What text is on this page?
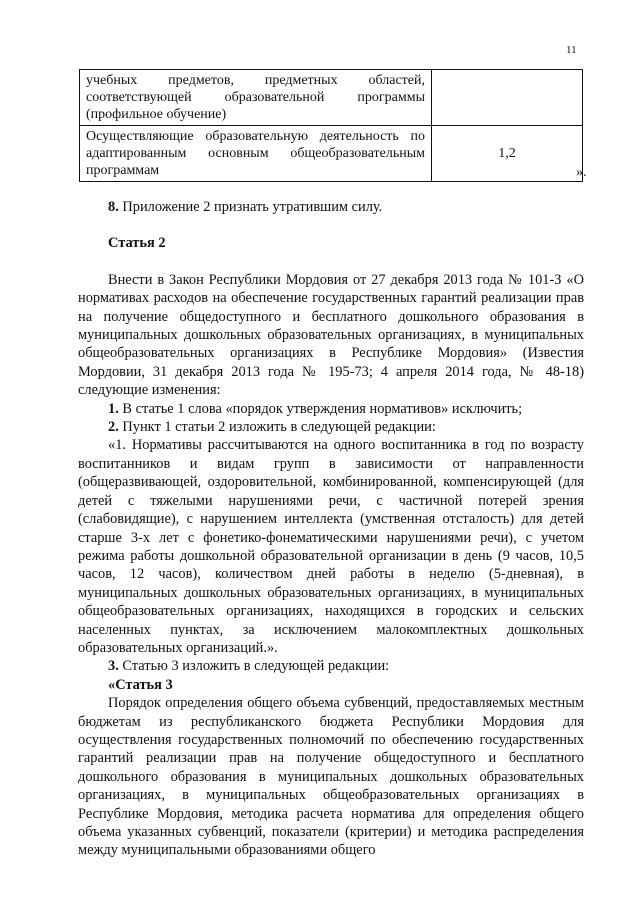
11
учебных предметов, предметных областей, соответствующей образовательной программы (профильное обучение)	
Осуществляющие образовательную деятельность по адаптированным основным общеобразовательным программам	1,2
».

8. Приложение 2 признать утратившим силу.

Статья 2

Внести в Закон Республики Мордовия от 27 декабря 2013 года № 101-З «О нормативах расходов на обеспечение государственных гарантий реализации прав на получение общедоступного и бесплатного дошкольного образования в муниципальных дошкольных образовательных организациях, в муниципальных общеобразовательных организациях в Республике Мордовия» (Известия Мордовии, 31 декабря 2013 года № 195-73; 4 апреля 2014 года, № 48-18) следующие изменения:

1. В статье 1 слова «порядок утверждения нормативов» исключить;

2. Пункт 1 статьи 2 изложить в следующей редакции:

«1. Нормативы рассчитываются на одного воспитанника в год по возрасту воспитанников и видам групп в зависимости от направленности (общеразвивающей, оздоровительной, комбинированной, компенсирующей (для детей с тяжелыми нарушениями речи, с частичной потерей зрения (слабовидящие), с нарушением интеллекта (умственная отсталость) для детей старше 3-х лет с фонетико-фонематическими нарушениями речи), с учетом режима работы дошкольной образовательной организации в день (9 часов, 10,5 часов, 12 часов), количеством дней работы в неделю (5-дневная), в муниципальных дошкольных образовательных организациях, в муниципальных общеобразовательных организациях, находящихся в городских и сельских населенных пунктах, за исключением малокомплектных дошкольных образовательных организаций.».

3. Статью 3 изложить в следующей редакции:

«Статья 3

Порядок определения общего объема субвенций, предоставляемых местным бюджетам из республиканского бюджета Республики Мордовия для осуществления государственных полномочий по обеспечению государственных гарантий реализации прав на получение общедоступного и бесплатного дошкольного образования в муниципальных дошкольных образовательных организациях, в муниципальных общеобразовательных организациях в Республике Мордовия, методика расчета норматива для определения общего объема указанных субвенций, показатели (критерии) и методика распределения между муниципальными образованиями общего
